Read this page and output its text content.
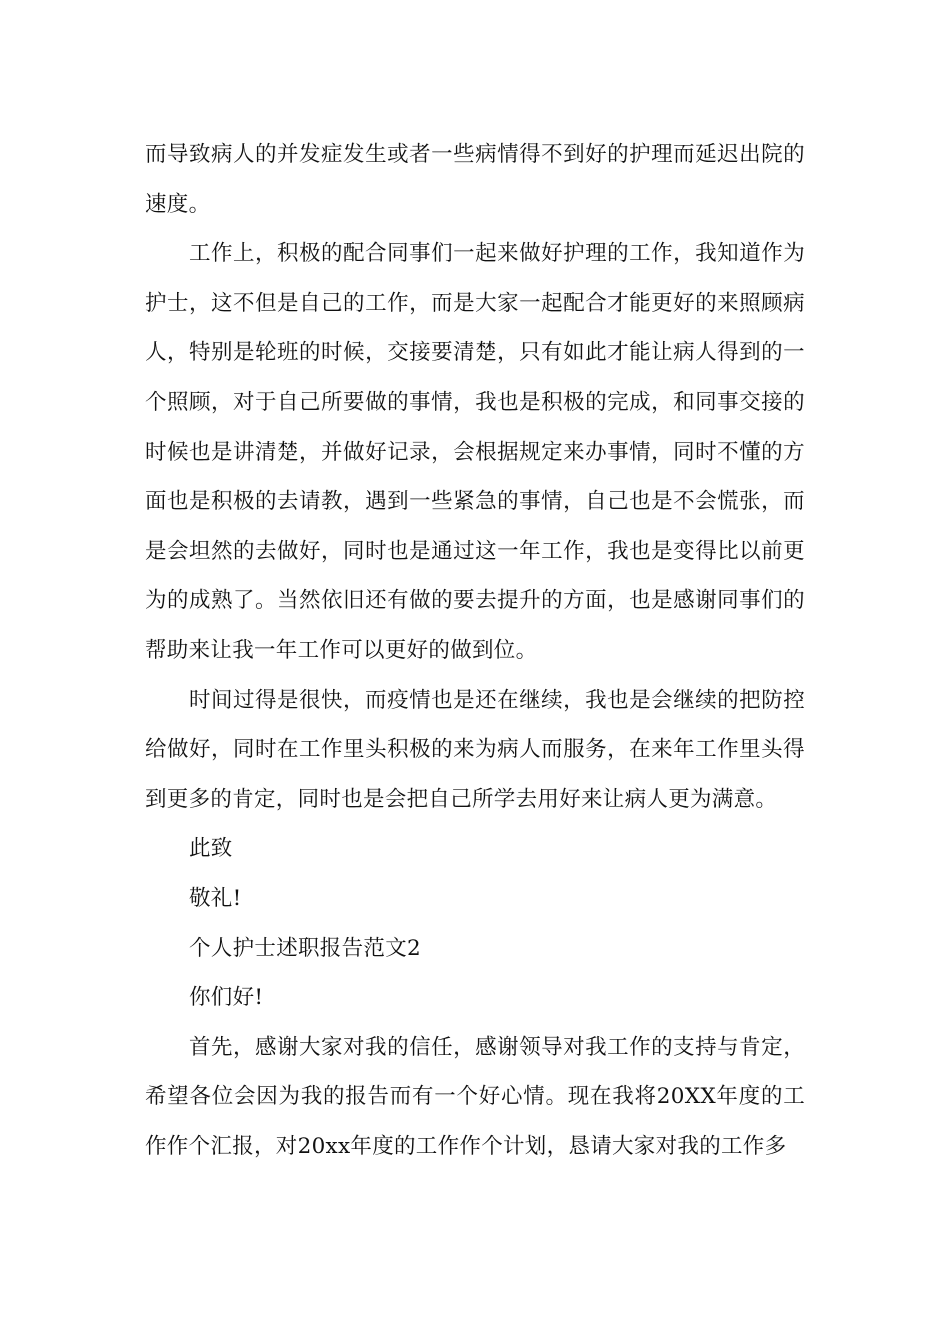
而导致病人的并发症发生或者一些病情得不到好的护理而延迟出院的速度。

工作上，积极的配合同事们一起来做好护理的工作，我知道作为护士，这不但是自己的工作，而是大家一起配合才能更好的来照顾病人，特别是轮班的时候，交接要清楚，只有如此才能让病人得到的一个照顾，对于自己所要做的事情，我也是积极的完成，和同事交接的时候也是讲清楚，并做好记录，会根据规定来办事情，同时不懂的方面也是积极的去请教，遇到一些紧急的事情，自己也是不会慌张，而是会坦然的去做好，同时也是通过这一年工作，我也是变得比以前更为的成熟了。当然依旧还有做的要去提升的方面，也是感谢同事们的帮助来让我一年工作可以更好的做到位。

时间过得是很快，而疫情也是还在继续，我也是会继续的把防控给做好，同时在工作里头积极的来为病人而服务，在来年工作里头得到更多的肯定，同时也是会把自己所学去用好来让病人更为满意。

此致

敬礼!

个人护士述职报告范文2

你们好!

首先，感谢大家对我的信任，感谢领导对我工作的支持与肯定，希望各位会因为我的报告而有一个好心情。现在我将20XX年度的工作作个汇报，对20xx年度的工作作个计划，恳请大家对我的工作多
